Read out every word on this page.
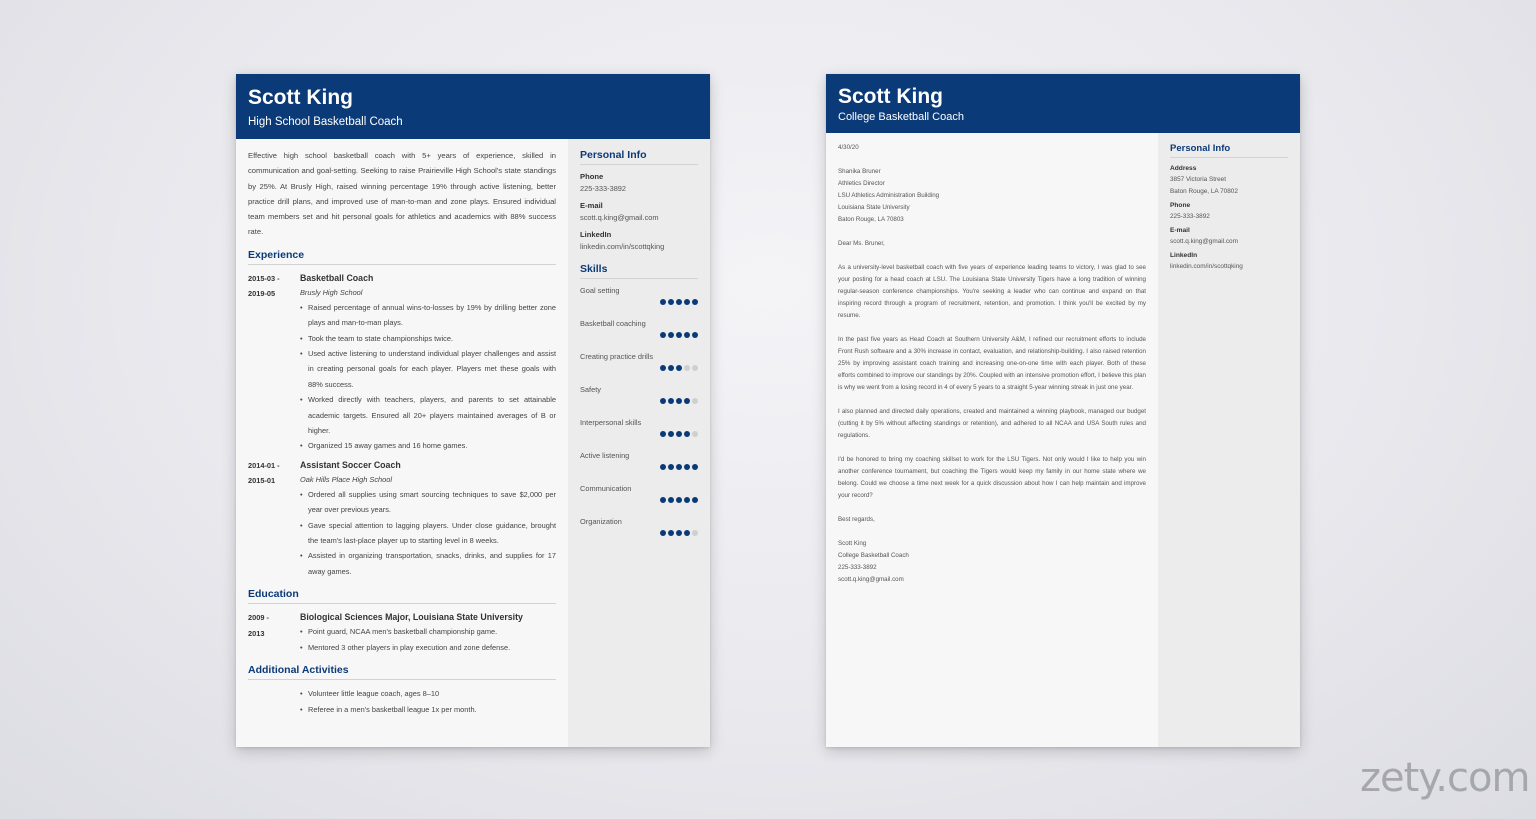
Scott King
High School Basketball Coach

Effective high school basketball coach with 5+ years of experience, skilled in communication and goal-setting. Seeking to raise Prairieville High School's state standings by 25%. At Brusly High, raised winning percentage 19% through active listening, better practice drill plans, and improved use of man-to-man and zone plays. Ensured individual team members set and hit personal goals for athletics and academics with 88% success rate.

Experience
2015-03 -
2019-05
Basketball Coach
Brusly High School
• Raised percentage of annual wins-to-losses by 19% by drilling better zone plays and man-to-man plays.
• Took the team to state championships twice.
• Used active listening to understand individual player challenges and assist in creating personal goals for each player. Players met these goals with 88% success.
• Worked directly with teachers, players, and parents to set attainable academic targets. Ensured all 20+ players maintained averages of B or higher.
• Organized 15 away games and 16 home games.
2014-01 -
2015-01
Assistant Soccer Coach
Oak Hills Place High School
• Ordered all supplies using smart sourcing techniques to save $2,000 per year over previous years.
• Gave special attention to lagging players. Under close guidance, brought the team's last-place player up to starting level in 8 weeks.
• Assisted in organizing transportation, snacks, drinks, and supplies for 17 away games.
Education
2009 -
2013
Biological Sciences Major, Louisiana State University
• Point guard, NCAA men's basketball championship game.
• Mentored 3 other players in play execution and zone defense.
Additional Activities
• Volunteer little league coach, ages 8–10
• Referee in a men's basketball league 1x per month.
Personal Info
Phone
225-333-3892
E-mail
scott.q.king@gmail.com
LinkedIn
linkedin.com/in/scottqking
Skills
Goal setting
Basketball coaching
Creating practice drills
Safety
Interpersonal skills
Active listening
Communication
Organization
Scott King
College Basketball Coach

4/30/20

Shanika Bruner
Athletics Director
LSU Athletics Administration Building
Louisiana State University
Baton Rouge, LA 70803

Dear Ms. Bruner,

As a university-level basketball coach with five years of experience leading teams to victory, I was glad to see your posting for a head coach at LSU. The Louisiana State University Tigers have a long tradition of winning regular-season conference championships. You're seeking a leader who can continue and expand on that inspiring record through a program of recruitment, retention, and promotion. I think you'll be excited by my resume.

In the past five years as Head Coach at Southern University A&M, I refined our recruitment efforts to include Front Rush software and a 30% increase in contact, evaluation, and relationship-building. I also raised retention 25% by improving assistant coach training and increasing one-on-one time with each player. Both of these efforts combined to improve our standings by 20%. Coupled with an intensive promotion effort, I believe this plan is why we went from a losing record in 4 of every 5 years to a straight 5-year winning streak in just one year.

I also planned and directed daily operations, created and maintained a winning playbook, managed our budget (cutting it by 5% without affecting standings or retention), and adhered to all NCAA and USA South rules and regulations.

I'd be honored to bring my coaching skillset to work for the LSU Tigers. Not only would I like to help you win another conference tournament, but coaching the Tigers would keep my family in our home state where we belong. Could we choose a time next week for a quick discussion about how I can help maintain and improve your record?

Best regards,

Scott King
College Basketball Coach
225-333-3892
scott.q.king@gmail.com

Personal Info
Address
3857 Victoria Street
Baton Rouge, LA 70802
Phone
225-333-3892
E-mail
scott.q.king@gmail.com
LinkedIn
linkedin.com/in/scottqking
zety.com
